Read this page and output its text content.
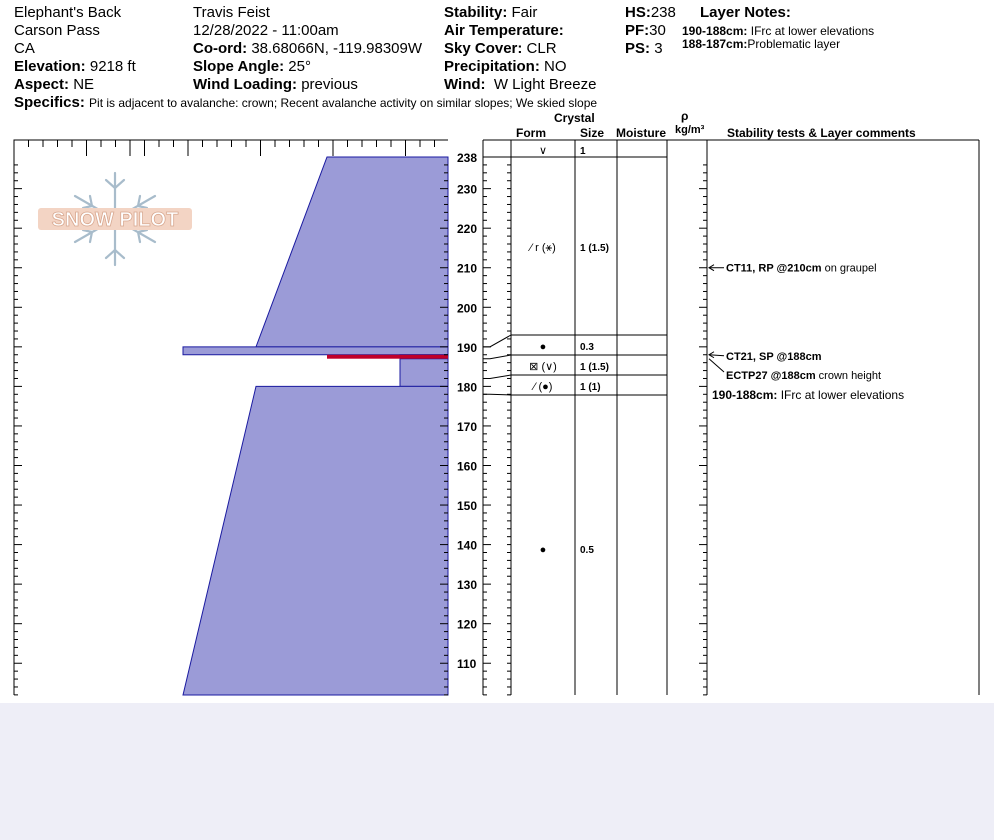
Elephant's Back
Carson Pass
CA
Elevation: 9218 ft
Aspect: NE
Travis Feist
12/28/2022 - 11:00am
Co-ord: 38.68066N, -119.98309W
Slope Angle: 25°
Wind Loading: previous
Stability: Fair
Air Temperature:
Sky Cover: CLR
Precipitation: NO
Wind: W Light Breeze
HS:238
PF:30
PS: 3
Layer Notes:
190-188cm: IFrc at lower elevations
188-187cm:Problematic layer
Specifics: Pit is adjacent to avalanche: crown; Recent avalanche activity on similar slopes; We skied slope
Crystal
Form	Size Moisture
ρ
kg/m³ Stability tests & Layer comments
SNOW PILOT
238
230
220
210
200
190
180
170
160
150
140
130
120
110
∨	1
⁄ r (⚹) 1 (1.5)
●	0.3
⊠ (∨) 1 (1.5)
⁄ (●)	1 (1)
●	0.5
CT11, RP @210cm on graupel
CT21, SP @188cm
ECTP27 @188cm crown height
190-188cm: IFrc at lower elevations
